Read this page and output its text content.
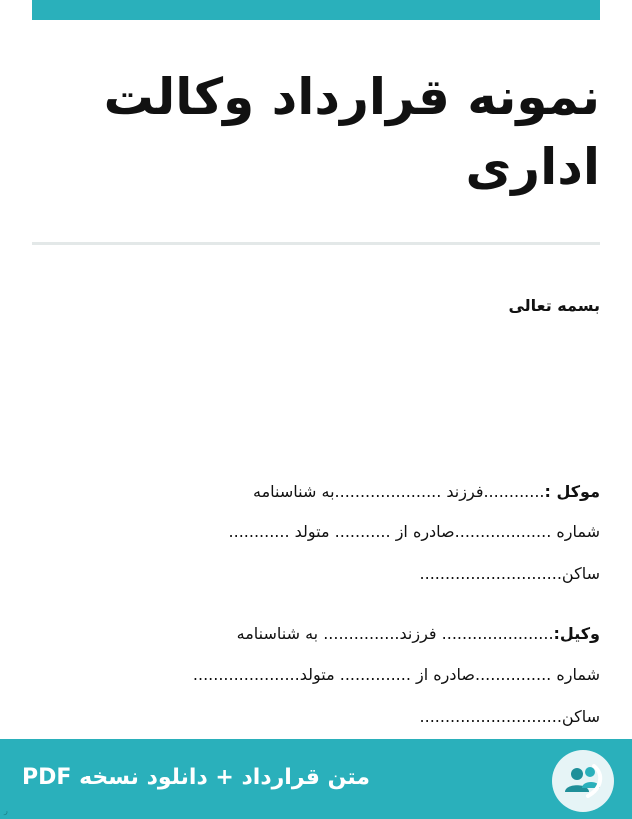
نمونه قرارداد وکالت
اداری
بسمه تعالی
موکل :............فرزند .....................به شناسنامه
شماره ...................صادره از ........... متولد ............
ساکن............................
وکیل:...................... فرزند............... به شناسنامه
شماره ...............صادره از .............. متولد.....................
ساکن............................
متن قرارداد + دانلود نسخه PDF
ر
